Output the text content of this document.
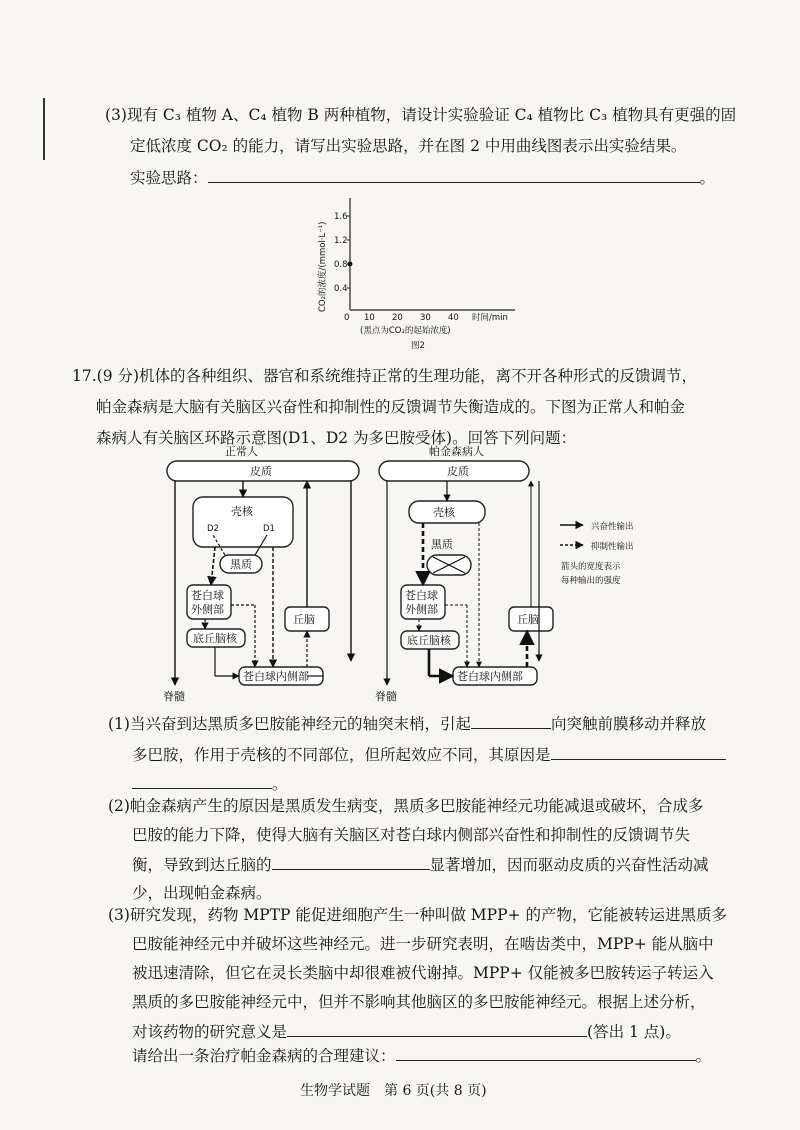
(3)现有 C₃ 植物 A、C₄ 植物 B 两种植物，请设计实验验证 C₄ 植物比 C₃ 植物具有更强的固
定低浓度 CO₂ 的能力，请写出实验思路，并在图 2 中用曲线图表示出实验结果。
实验思路：	。
CO₂的浓度/(mmol·L⁻¹)
1.6
1.2
0.8
0.4
0 10 20 30 40 时间/min
(黑点为CO₂的起始浓度)
图2
17.(9 分)机体的各种组织、器官和系统维持正常的生理功能，离不开各种形式的反馈调节，
帕金森病是大脑有关脑区兴奋性和抑制性的反馈调节失衡造成的。下图为正常人和帕金
森病人有关脑区环路示意图(D1、D2 为多巴胺受体)。回答下列问题：
正常人
皮质
壳核
D2	D1
黑质
苍白球
外侧部
底丘脑核
丘脑
苍白球内侧部
脊髓
帕金森病人
皮质
壳核
黑质
苍白球
外侧部
底丘脑核
丘脑
苍白球内侧部
脊髓
兴奋性输出
抑制性输出
箭头的宽度表示
每种输出的强度
(1)当兴奋到达黑质多巴胺能神经元的轴突末梢，引起	向突触前膜移动并释放
多巴胺，作用于壳核的不同部位，但所起效应不同，其原因是
。
(2)帕金森病产生的原因是黑质发生病变，黑质多巴胺能神经元功能减退或破坏，合成多
巴胺的能力下降，使得大脑有关脑区对苍白球内侧部兴奋性和抑制性的反馈调节失
衡，导致到达丘脑的	显著增加，因而驱动皮质的兴奋性活动减
少，出现帕金森病。
(3)研究发现，药物 MPTP 能促进细胞产生一种叫做 MPP+ 的产物，它能被转运进黑质多
巴胺能神经元中并破坏这些神经元。进一步研究表明，在啮齿类中，MPP+ 能从脑中
被迅速清除，但它在灵长类脑中却很难被代谢掉。MPP+ 仅能被多巴胺转运子转运入
黑质的多巴胺能神经元中，但并不影响其他脑区的多巴胺能神经元。根据上述分析，
对该药物的研究意义是	(答出 1 点)。
请给出一条治疗帕金森病的合理建议：	。
生物学试题　第 6 页(共 8 页)
